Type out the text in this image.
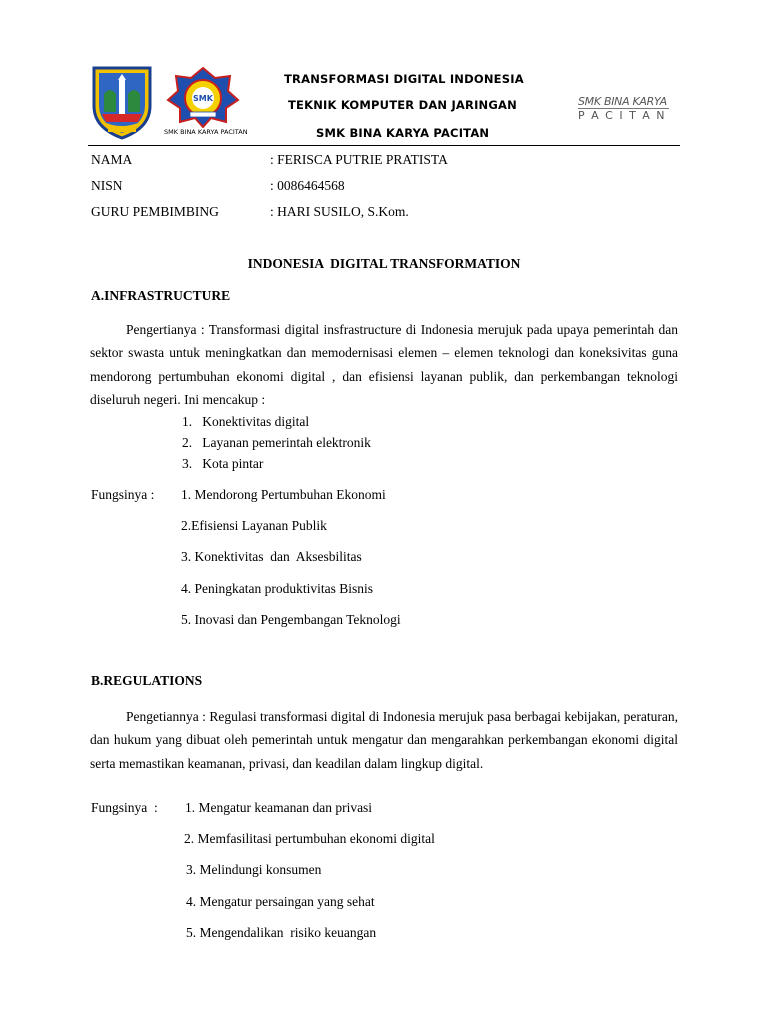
SMK
SMK BINA KARYA PACITAN
TRANSFORMASI DIGITAL INDONESIA
TEKNIK KOMPUTER DAN JARINGAN
SMK BINA KARYA PACITAN
SMK BINA KARYA
P A C I T A N
NAMA	: FERISCA PUTRIE PRATISTA
NISN	: 0086464568
GURU PEMBIMBING	: HARI SUSILO, S.Kom.
INDONESIA  DIGITAL TRANSFORMATION
A.INFRASTRUCTURE
Pengertianya : Transformasi digital insfrastructure di Indonesia merujuk pada upaya pemerintah dan sektor swasta untuk meningkatkan dan memodernisasi elemen – elemen teknologi dan koneksivitas guna mendorong pertumbuhan ekonomi digital , dan efisiensi layanan publik, dan perkembangan teknologi diseluruh negeri. Ini mencakup :
1.   Konektivitas digital
2.   Layanan pemerintah elektronik
3.   Kota pintar
Fungsinya : 1. Mendorong Pertumbuhan Ekonomi
2.Efisiensi Layanan Publik
3. Konektivitas  dan  Aksesbilitas
4. Peningkatan produktivitas Bisnis
5. Inovasi dan Pengembangan Teknologi
B.REGULATIONS
Pengetiannya : Regulasi transformasi digital di Indonesia merujuk pasa berbagai kebijakan, peraturan, dan hukum yang dibuat oleh pemerintah untuk mengatur dan mengarahkan perkembangan ekonomi digital serta memastikan keamanan, privasi, dan keadilan dalam lingkup digital.
Fungsinya  : 1. Mengatur keamanan dan privasi
2. Memfasilitasi pertumbuhan ekonomi digital
3. Melindungi konsumen
4. Mengatur persaingan yang sehat
5. Mengendalikan  risiko keuangan
